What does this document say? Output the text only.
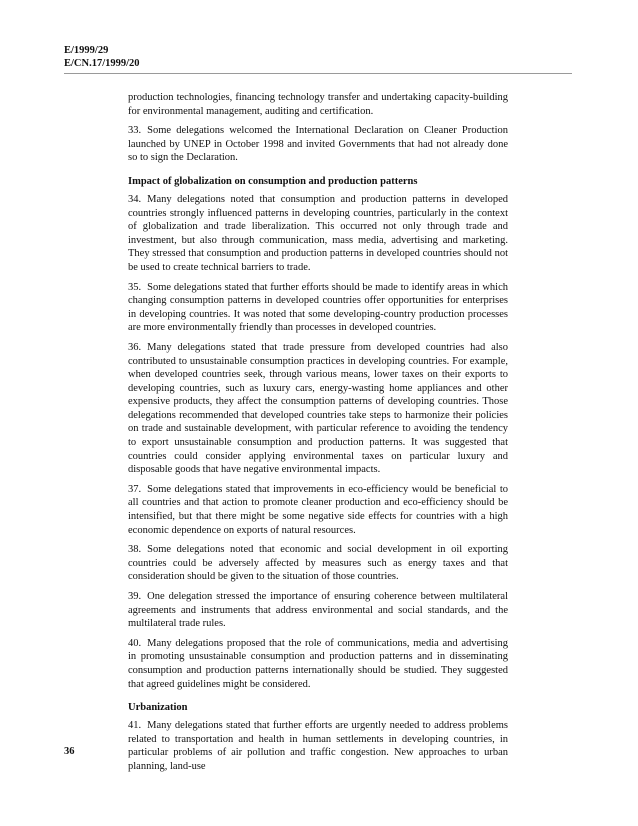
E/1999/29
E/CN.17/1999/20

production technologies, financing technology transfer and undertaking capacity-building for environmental management, auditing and certification.

33. Some delegations welcomed the International Declaration on Cleaner Production launched by UNEP in October 1998 and invited Governments that had not already done so to sign the Declaration.

Impact of globalization on consumption and production patterns

34. Many delegations noted that consumption and production patterns in developed countries strongly influenced patterns in developing countries, particularly in the context of globalization and trade liberalization. This occurred not only through trade and investment, but also through communication, mass media, advertising and marketing. They stressed that consumption and production patterns in developed countries should not be used to create technical barriers to trade.

35. Some delegations stated that further efforts should be made to identify areas in which changing consumption patterns in developed countries offer opportunities for enterprises in developing countries. It was noted that some developing-country production processes are more environmentally friendly than processes in developed countries.

36. Many delegations stated that trade pressure from developed countries had also contributed to unsustainable consumption practices in developing countries. For example, when developed countries seek, through various means, lower taxes on their exports to developing countries, such as luxury cars, energy-wasting home appliances and other expensive products, they affect the consumption patterns of developing countries. Those delegations recommended that developed countries take steps to harmonize their policies on trade and sustainable development, with particular reference to avoiding the tendency to export unsustainable consumption and production patterns. It was suggested that countries could consider applying environmental taxes on particular luxury and disposable goods that have negative environmental impacts.

37. Some delegations stated that improvements in eco-efficiency would be beneficial to all countries and that action to promote cleaner production and eco-efficiency should be intensified, but that there might be some negative side effects for countries with a high economic dependence on exports of natural resources.

38. Some delegations noted that economic and social development in oil exporting countries could be adversely affected by measures such as energy taxes and that consideration should be given to the situation of those countries.

39. One delegation stressed the importance of ensuring coherence between multilateral agreements and instruments that address environmental and social standards, and the multilateral trade rules.

40. Many delegations proposed that the role of communications, media and advertising in promoting unsustainable consumption and production patterns and in disseminating consumption and production patterns internationally should be studied. They suggested that agreed guidelines might be considered.

Urbanization

41. Many delegations stated that further efforts are urgently needed to address problems related to transportation and health in human settlements in developing countries, in particular problems of air pollution and traffic congestion. New approaches to urban planning, land-use

36
